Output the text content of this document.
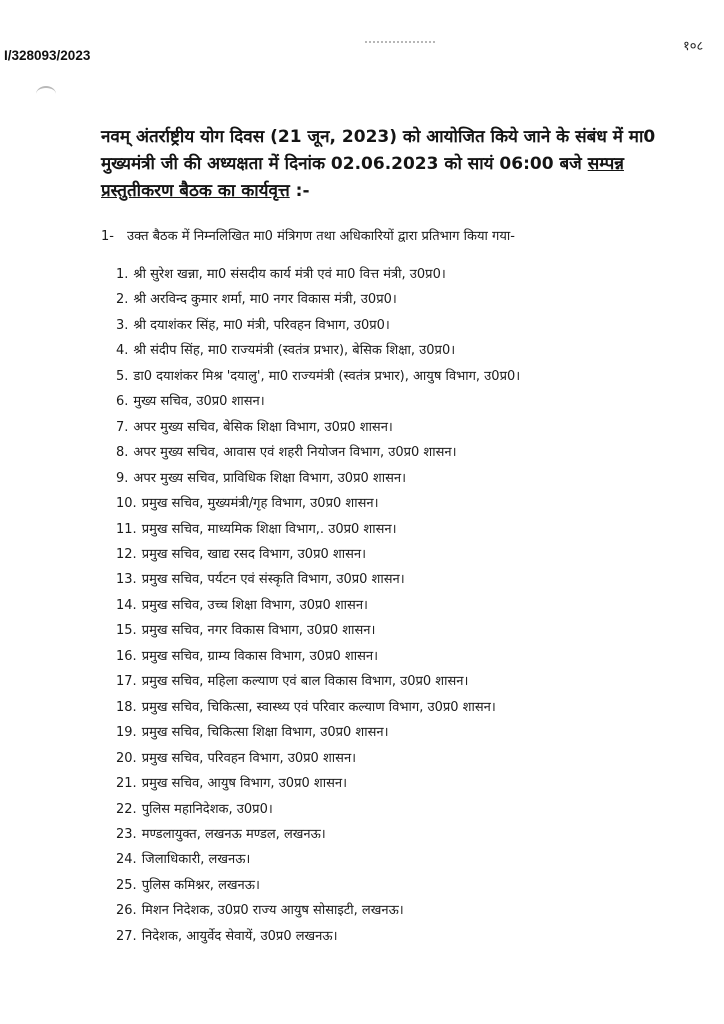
I/328093/2023
१०८
नवम् अंतर्राष्ट्रीय योग दिवस (21 जून, 2023) को आयोजित किये जाने के संबंध में मा0 मुख्यमंत्री जी की अध्यक्षता में दिनांक 02.06.2023 को सायं 06:00 बजे सम्पन्न प्रस्तुतीकरण बैठक का कार्यवृत्त :-
1- उक्त बैठक में निम्नलिखित मा0 मंत्रिगण तथा अधिकारियों द्वारा प्रतिभाग किया गया-
1. श्री सुरेश खन्ना, मा0 संसदीय कार्य मंत्री एवं मा0 वित्त मंत्री, उ0प्र0।
2. श्री अरविन्द कुमार शर्मा, मा0 नगर विकास मंत्री, उ0प्र0।
3. श्री दयाशंकर सिंह, मा0 मंत्री, परिवहन विभाग, उ0प्र0।
4. श्री संदीप सिंह, मा0 राज्यमंत्री (स्वतंत्र प्रभार), बेसिक शिक्षा, उ0प्र0।
5. डा0 दयाशंकर मिश्र 'दयालु', मा0 राज्यमंत्री (स्वतंत्र प्रभार), आयुष विभाग, उ0प्र0।
6. मुख्य सचिव, उ0प्र0 शासन।
7. अपर मुख्य सचिव, बेसिक शिक्षा विभाग, उ0प्र0 शासन।
8. अपर मुख्य सचिव, आवास एवं शहरी नियोजन विभाग, उ0प्र0 शासन।
9. अपर मुख्य सचिव, प्राविधिक शिक्षा विभाग, उ0प्र0 शासन।
10. प्रमुख सचिव, मुख्यमंत्री/गृह विभाग, उ0प्र0 शासन।
11. प्रमुख सचिव, माध्यमिक शिक्षा विभाग,. उ0प्र0 शासन।
12. प्रमुख सचिव, खाद्य रसद विभाग, उ0प्र0 शासन।
13. प्रमुख सचिव, पर्यटन एवं संस्कृति विभाग, उ0प्र0 शासन।
14. प्रमुख सचिव, उच्च शिक्षा विभाग, उ0प्र0 शासन।
15. प्रमुख सचिव, नगर विकास विभाग, उ0प्र0 शासन।
16. प्रमुख सचिव, ग्राम्य विकास विभाग, उ0प्र0 शासन।
17. प्रमुख सचिव, महिला कल्याण एवं बाल विकास विभाग, उ0प्र0 शासन।
18. प्रमुख सचिव, चिकित्सा, स्वास्थ्य एवं परिवार कल्याण विभाग, उ0प्र0 शासन।
19. प्रमुख सचिव, चिकित्सा शिक्षा विभाग, उ0प्र0 शासन।
20. प्रमुख सचिव, परिवहन विभाग, उ0प्र0 शासन।
21. प्रमुख सचिव, आयुष विभाग, उ0प्र0 शासन।
22. पुलिस महानिदेशक, उ0प्र0।
23. मण्डलायुक्त, लखनऊ मण्डल, लखनऊ।
24. जिलाधिकारी, लखनऊ।
25. पुलिस कमिश्नर, लखनऊ।
26. मिशन निदेशक, उ0प्र0 राज्य आयुष सोसाइटी, लखनऊ।
27. निदेशक, आयुर्वेद सेवायें, उ0प्र0 लखनऊ।
